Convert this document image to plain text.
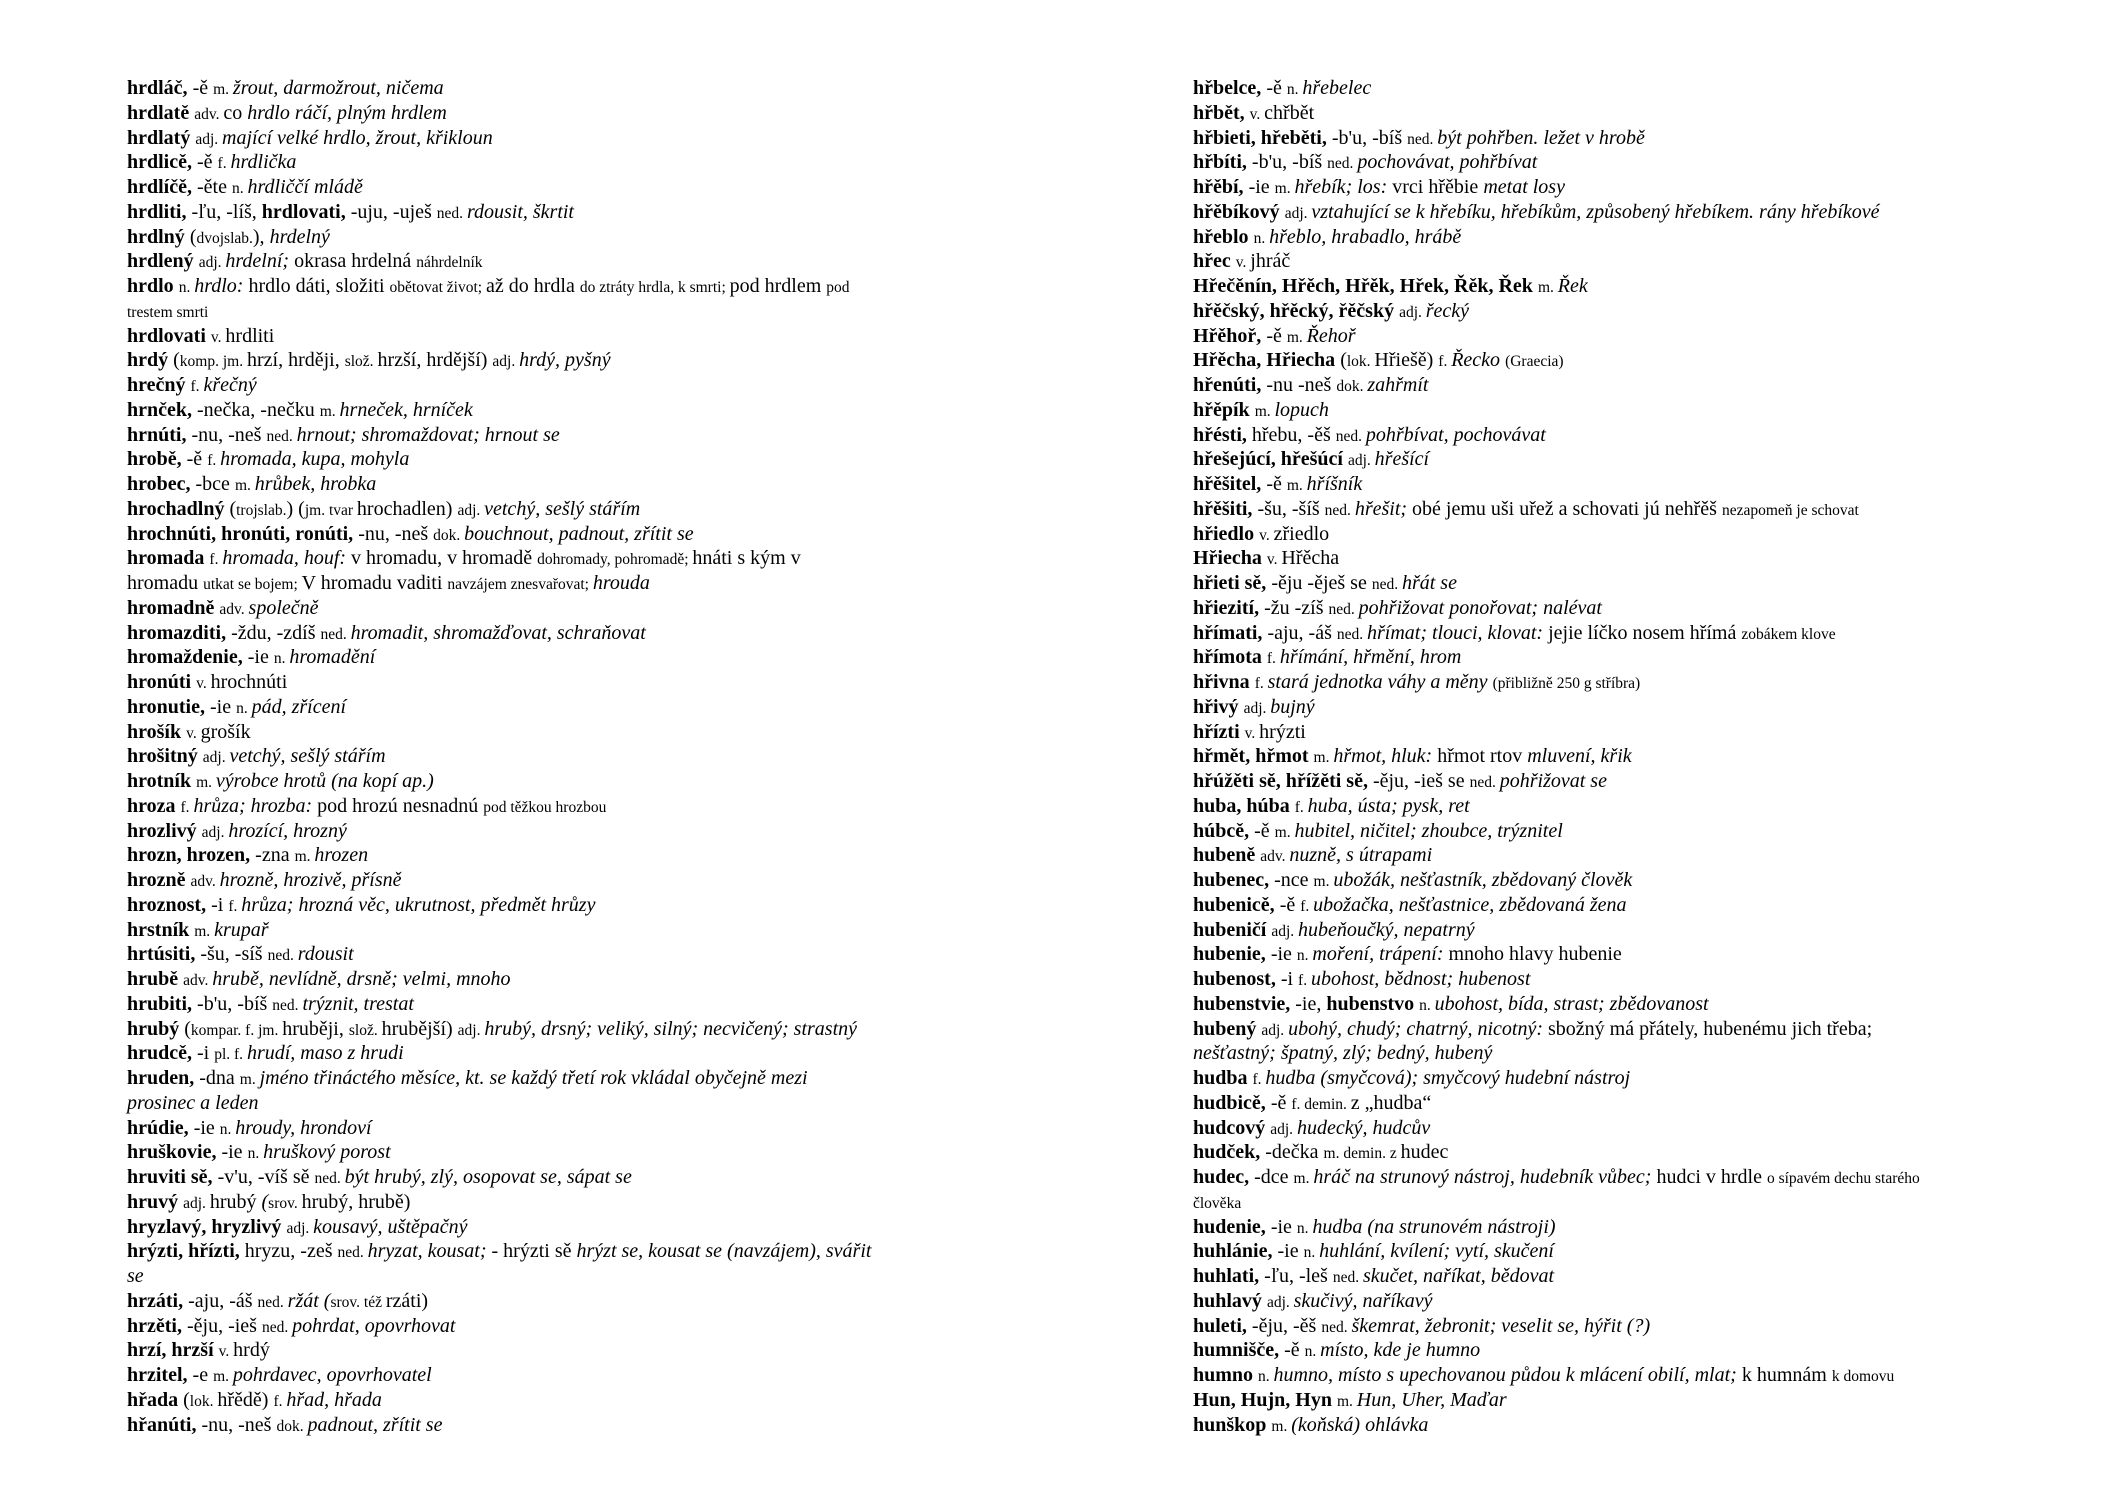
hrdláč, -ě m. žrout, darmožrout, ničema
hrdlatě adv. co hrdlo ráčí, plným hrdlem
hrdlatý adj. mající velké hrdlo, žrout, křikloun
hrdlicě, -ě f. hrdlička
hrdlíčě, -ěte n. hrdliččí mládě
hrdliti, -ľu, -líš, hrdlovati, -uju, -uješ ned. rdousit, škrtit
hrdlný (dvojslab.), hrdelný
hrdlený adj. hrdelní; okrasa hrdelná náhrdelník
hrdlo n. hrdlo: hrdlo dáti, složiti obětovat život; až do hrdla do ztráty hrdla, k smrti; pod hrdlem pod
trestem smrti
hrdlovati v. hrdliti
hrdý (komp. jm. hrzí, hrději, slož. hrzší, hrdější) adj. hrdý, pyšný
hrečný f. křečný
hrnček, -nečka, -nečku m. hrneček, hrníček
hrnúti, -nu, -neš ned. hrnout; shromaždovat; hrnout se
hrobě, -ě f. hromada, kupa, mohyla
hrobec, -bce m. hrůbek, hrobka
hrochadlný (trojslab.) (jm. tvar hrochadlen) adj. vetchý, sešlý stářím
hrochnúti, hronúti, ronúti, -nu, -neš dok. bouchnout, padnout, zřítit se
hromada f. hromada, houf: v hromadu, v hromadě dohromady, pohromadě; hnáti s kým v
hromadu utkat se bojem; V hromadu vaditi navzájem znesvařovat; hrouda
hromadně adv. společně
hromazditi, -ždu, -zdíš ned. hromadit, shromažďovat, schraňovat
hromaždenie, -ie n. hromadění
hronúti v. hrochnúti
hronutie, -ie n. pád, zřícení
hrošík v. grošík
hrošitný adj. vetchý, sešlý stářím
hrotník m. výrobce hrotů (na kopí ap.)
hroza f. hrůza; hrozba: pod hrozú nesnadnú pod těžkou hrozbou
hrozlivý adj. hrozící, hrozný
hrozn, hrozen, -zna m. hrozen
hrozně adv. hrozně, hrozivě, přísně
hroznost, -i f. hrůza; hrozná věc, ukrutnost, předmět hrůzy
hrstník m. krupař
hrtúsiti, -šu, -síš ned. rdousit
hrubě adv. hrubě, nevlídně, drsně; velmi, mnoho
hrubiti, -b'u, -bíš ned. trýznit, trestat
hrubý (kompar. f. jm. hruběji, slož. hrubější) adj. hrubý, drsný; veliký, silný; necvičený; strastný
hrudcě, -i pl. f. hrudí, maso z hrudi
hruden, -dna m. jméno třináctého měsíce, kt. se každý třetí rok vkládal obyčejně mezi
prosinec a leden
hrúdie, -ie n. hroudy, hrondoví
hruškovie, -ie n. hruškový porost
hruviti sě, -v'u, -víš sě ned. být hrubý, zlý, osopovat se, sápat se
hruvý adj. hrubý (srov. hrubý, hrubě)
hryzlavý, hryzlivý adj. kousavý, uštěpačný
hrýzti, hřízti, hryzu, -zeš ned. hryzat, kousat; - hrýzti sě hrýzt se, kousat se (navzájem), svářit
se
hrzáti, -aju, -áš ned. ržát (srov. též rzáti)
hrzěti, -ěju, -ieš ned. pohrdat, opovrhovat
hrzí, hrzší v. hrdý
hrzitel, -e m. pohrdavec, opovrhovatel
hřada (lok. hřědě) f. hřad, hřada
hřanúti, -nu, -neš dok. padnout, zřítit se
hřbelce, -ě n. hřebelec
hřbět, v. chřbět
hřbieti, hřeběti, -b'u, -bíš ned. být pohřben. ležet v hrobě
hřbíti, -b'u, -bíš ned. pochovávat, pohřbívat
hřěbí, -ie m. hřebík; los: vrci hřěbie metat losy
hřěbíkový adj. vztahující se k hřebíku, hřebíkům, způsobený hřebíkem. rány hřebíkové
hřeblo n. hřeblo, hrabadlo, hrábě
hřec v. jhráč
Hřečěnín, Hřěch, Hřěk, Hřek, Řěk, Řek m. Řek
hřěčský, hřěcký, řěčský adj. řecký
Hřěhoř, -ě m. Řehoř
Hřěcha, Hřiecha (lok. Hřiešě) f. Řecko (Graecia)
hřenúti, -nu -neš dok. zahřmít
hřěpík m. lopuch
hřésti, hřebu, -ěš ned. pohřbívat, pochovávat
hřešejúcí, hřešúcí adj. hřešící
hřěšitel, -ě m. hříšník
hřěšiti, -šu, -šíš ned. hřešit; obé jemu uši uřež a schovati jú nehřěš nezapomeň je schovat
hřiedlo v. zřiedlo
Hřiecha v. Hřěcha
hřieti sě, -ěju -ěješ se ned. hřát se
hřiezití, -žu -zíš ned. pohřižovat ponořovat; nalévat
hřímati, -aju, -áš ned. hřímat; tlouci, klovat: jejie líčko nosem hřímá zobákem klove
hřímota f. hřímání, hřmění, hrom
hřivna f. stará jednotka váhy a měny (přibližně 250 g stříbra)
hřivý adj. bujný
hřízti v. hrýzti
hřmět, hřmot m. hřmot, hluk: hřmot rtov mluvení, křik
hřúžěti sě, hřížěti sě, -ěju, -ieš se ned. pohřižovat se
huba, húba f. huba, ústa; pysk, ret
húbcě, -ě m. hubitel, ničitel; zhoubce, trýznitel
hubeně adv. nuzně, s útrapami
hubenec, -nce m. ubožák, nešťastník, zbědovaný člověk
hubenicě, -ě f. ubožačka, nešťastnice, zbědovaná žena
hubeničí adj. hubeňoučký, nepatrný
hubenie, -ie n. moření, trápení: mnoho hlavy hubenie
hubenost, -i f. ubohost, bědnost; hubenost
hubenstvie, -ie, hubenstvo n. ubohost, bída, strast; zbědovanost
hubený adj. ubohý, chudý; chatrný, nicotný: sbožný má přátely, hubenému jich třeba;
nešťastný; špatný, zlý; bedný, hubený
hudba f. hudba (smyčcová); smyčcový hudební nástroj
hudbicě, -ě f. demin. z „hudba“
hudcový adj. hudecký, hudcův
hudček, -dečka m. demin. z hudec
hudec, -dce m. hráč na strunový nástroj, hudebník vůbec; hudci v hrdle o sípavém dechu starého
člověka
hudenie, -ie n. hudba (na strunovém nástroji)
huhlánie, -ie n. huhlání, kvílení; vytí, skučení
huhlati, -ľu, -leš ned. skučet, naříkat, bědovat
huhlavý adj. skučivý, naříkavý
huleti, -ěju, -ěš ned. škemrat, žebronit; veselit se, hýřit (?)
humnišče, -ě n. místo, kde je humno
humno n. humno, místo s upechovanou půdou k mlácení obilí, mlat; k humnám k domovu
Hun, Hujn, Hyn m. Hun, Uher, Maďar
hunškop m. (koňská) ohlávka
